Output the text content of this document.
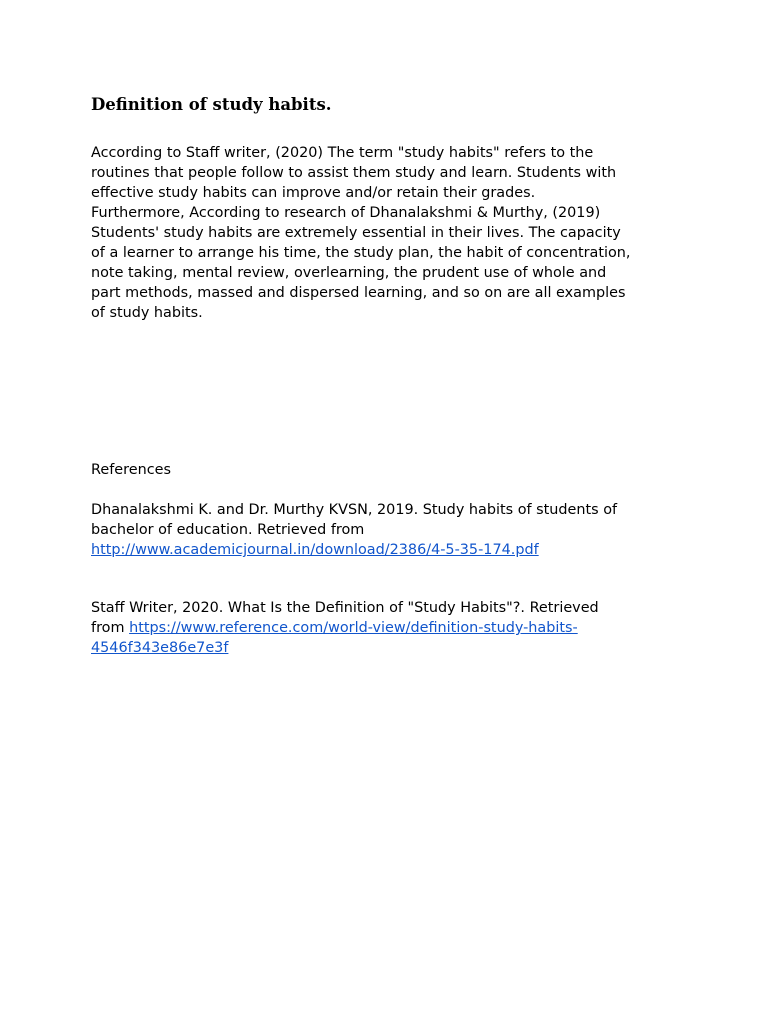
Definition of study habits.
According to Staff writer, (2020) The term "study habits" refers to the
routines that people follow to assist them study and learn. Students with
effective study habits can improve and/or retain their grades.
Furthermore, According to research of Dhanalakshmi & Murthy, (2019)
Students' study habits are extremely essential in their lives. The capacity
of a learner to arrange his time, the study plan, the habit of concentration,
note taking, mental review, overlearning, the prudent use of whole and
part methods, massed and dispersed learning, and so on are all examples
of study habits.
References
Dhanalakshmi K. and Dr. Murthy KVSN, 2019. Study habits of students of
bachelor of education. Retrieved from
http://www.academicjournal.in/download/2386/4-5-35-174.pdf
Staff Writer, 2020. What Is the Definition of "Study Habits"?. Retrieved
from https://www.reference.com/world-view/definition-study-habits-
4546f343e86e7e3f
